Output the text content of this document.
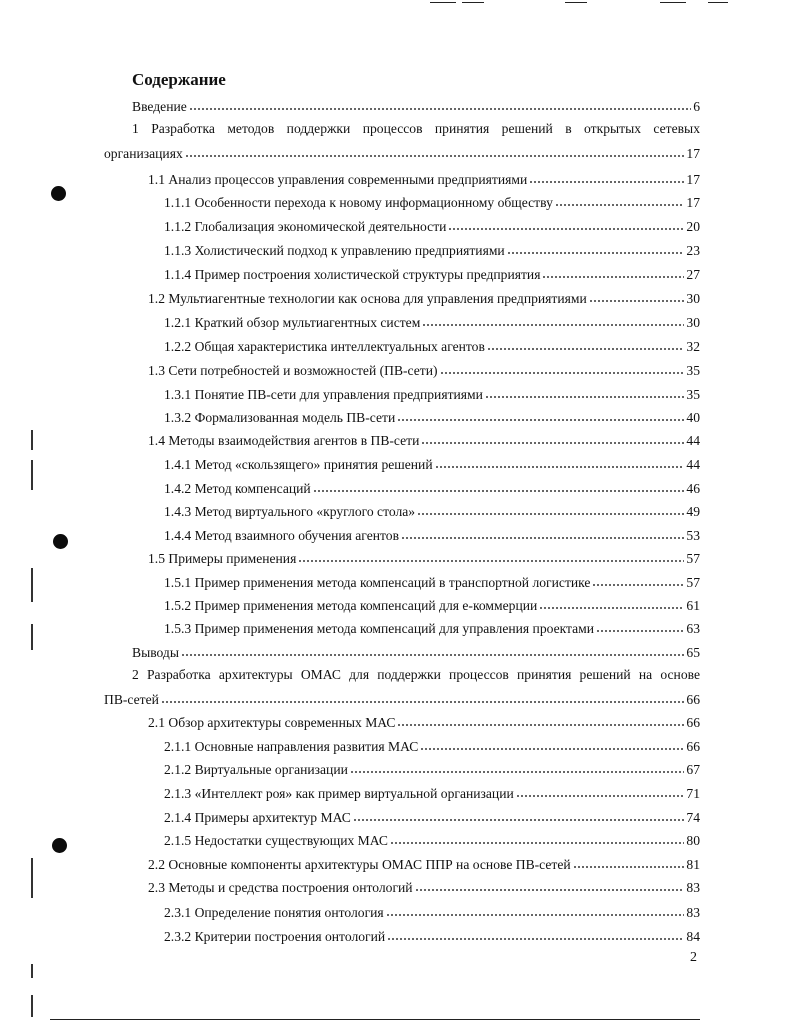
Содержание
Введение	6
1 Разработка методов поддержки процессов принятия решений в открытых сетевых
организациях	17
1.1 Анализ процессов управления современными предприятиями	17
1.1.1 Особенности перехода к новому информационному обществу	17
1.1.2 Глобализация экономической деятельности	20
1.1.3 Холистический подход к управлению предприятиями	23
1.1.4 Пример построения холистической структуры предприятия	27
1.2 Мультиагентные технологии как основа для управления предприятиями	30
1.2.1 Краткий обзор мультиагентных систем	30
1.2.2 Общая характеристика интеллектуальных агентов	32
1.3 Сети потребностей и возможностей (ПВ-сети)	35
1.3.1 Понятие ПВ-сети для управления предприятиями	35
1.3.2 Формализованная модель ПВ-сети	40
1.4 Методы взаимодействия агентов в ПВ-сети	44
1.4.1 Метод «скользящего» принятия решений	44
1.4.2 Метод компенсаций	46
1.4.3 Метод виртуального «круглого стола»	49
1.4.4 Метод взаимного обучения агентов	53
1.5 Примеры применения	57
1.5.1 Пример применения метода компенсаций в транспортной логистике	57
1.5.2 Пример применения метода компенсаций для е-коммерции	61
1.5.3 Пример применения метода компенсаций для управления проектами	63
Выводы	65
2 Разработка архитектуры ОМАС для поддержки процессов принятия решений на основе
ПВ-сетей	66
2.1 Обзор архитектуры современных МАС	66
2.1.1 Основные направления развития МАС	66
2.1.2 Виртуальные организации	67
2.1.3 «Интеллект роя» как пример виртуальной организации	71
2.1.4 Примеры архитектур МАС	74
2.1.5 Недостатки существующих МАС	80
2.2 Основные компоненты архитектуры ОМАС ППР на основе ПВ-сетей	81
2.3 Методы и средства построения онтологий	83
2.3.1 Определение понятия онтология	83
2.3.2 Критерии построения онтологий	84
2
